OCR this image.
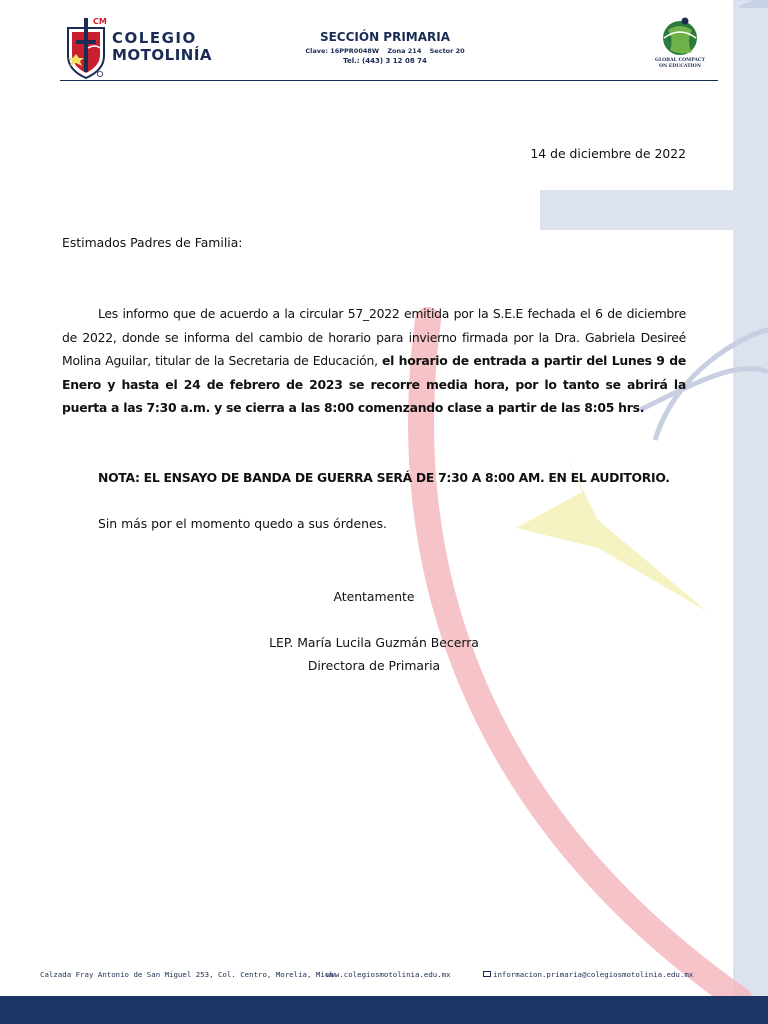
CM
COLEGIO
MOTOLINÍA
SECCIÓN PRIMARIA
Clave: 16PPR0048W Zona 214 Sector 20
Tel.: (443) 3 12 08 74	GLOBAL COMPACT
ON EDUCATION
14 de diciembre de 2022
Estimados Padres de Familia:
Les informo que de acuerdo a la circular 57_2022 emitida por la S.E.E fechada el 6 de diciembre de 2022, donde se informa del cambio de horario para invierno firmada por la Dra. Gabriela Desireé Molina Aguilar, titular de la Secretaria de Educación, el horario de entrada a partir del Lunes 9 de Enero y hasta el 24 de febrero de 2023 se recorre media hora, por lo tanto se abrirá la puerta a las 7:30 a.m. y se cierra a las 8:00 comenzando clase a partir de las 8:05 hrs.
NOTA: EL ENSAYO DE BANDA DE GUERRA SERÁ DE 7:30 A 8:00 AM. EN EL AUDITORIO.
Sin más por el momento quedo a sus órdenes.
Atentamente
LEP. María Lucila Guzmán Becerra
Directora de Primaria
Calzada Fray Antonio de San Miguel 253, Col. Centro, Morelia, Mich.
www.colegiosmotolinia.edu.mx	informacion.primaria@colegiosmotolinia.edu.mx
